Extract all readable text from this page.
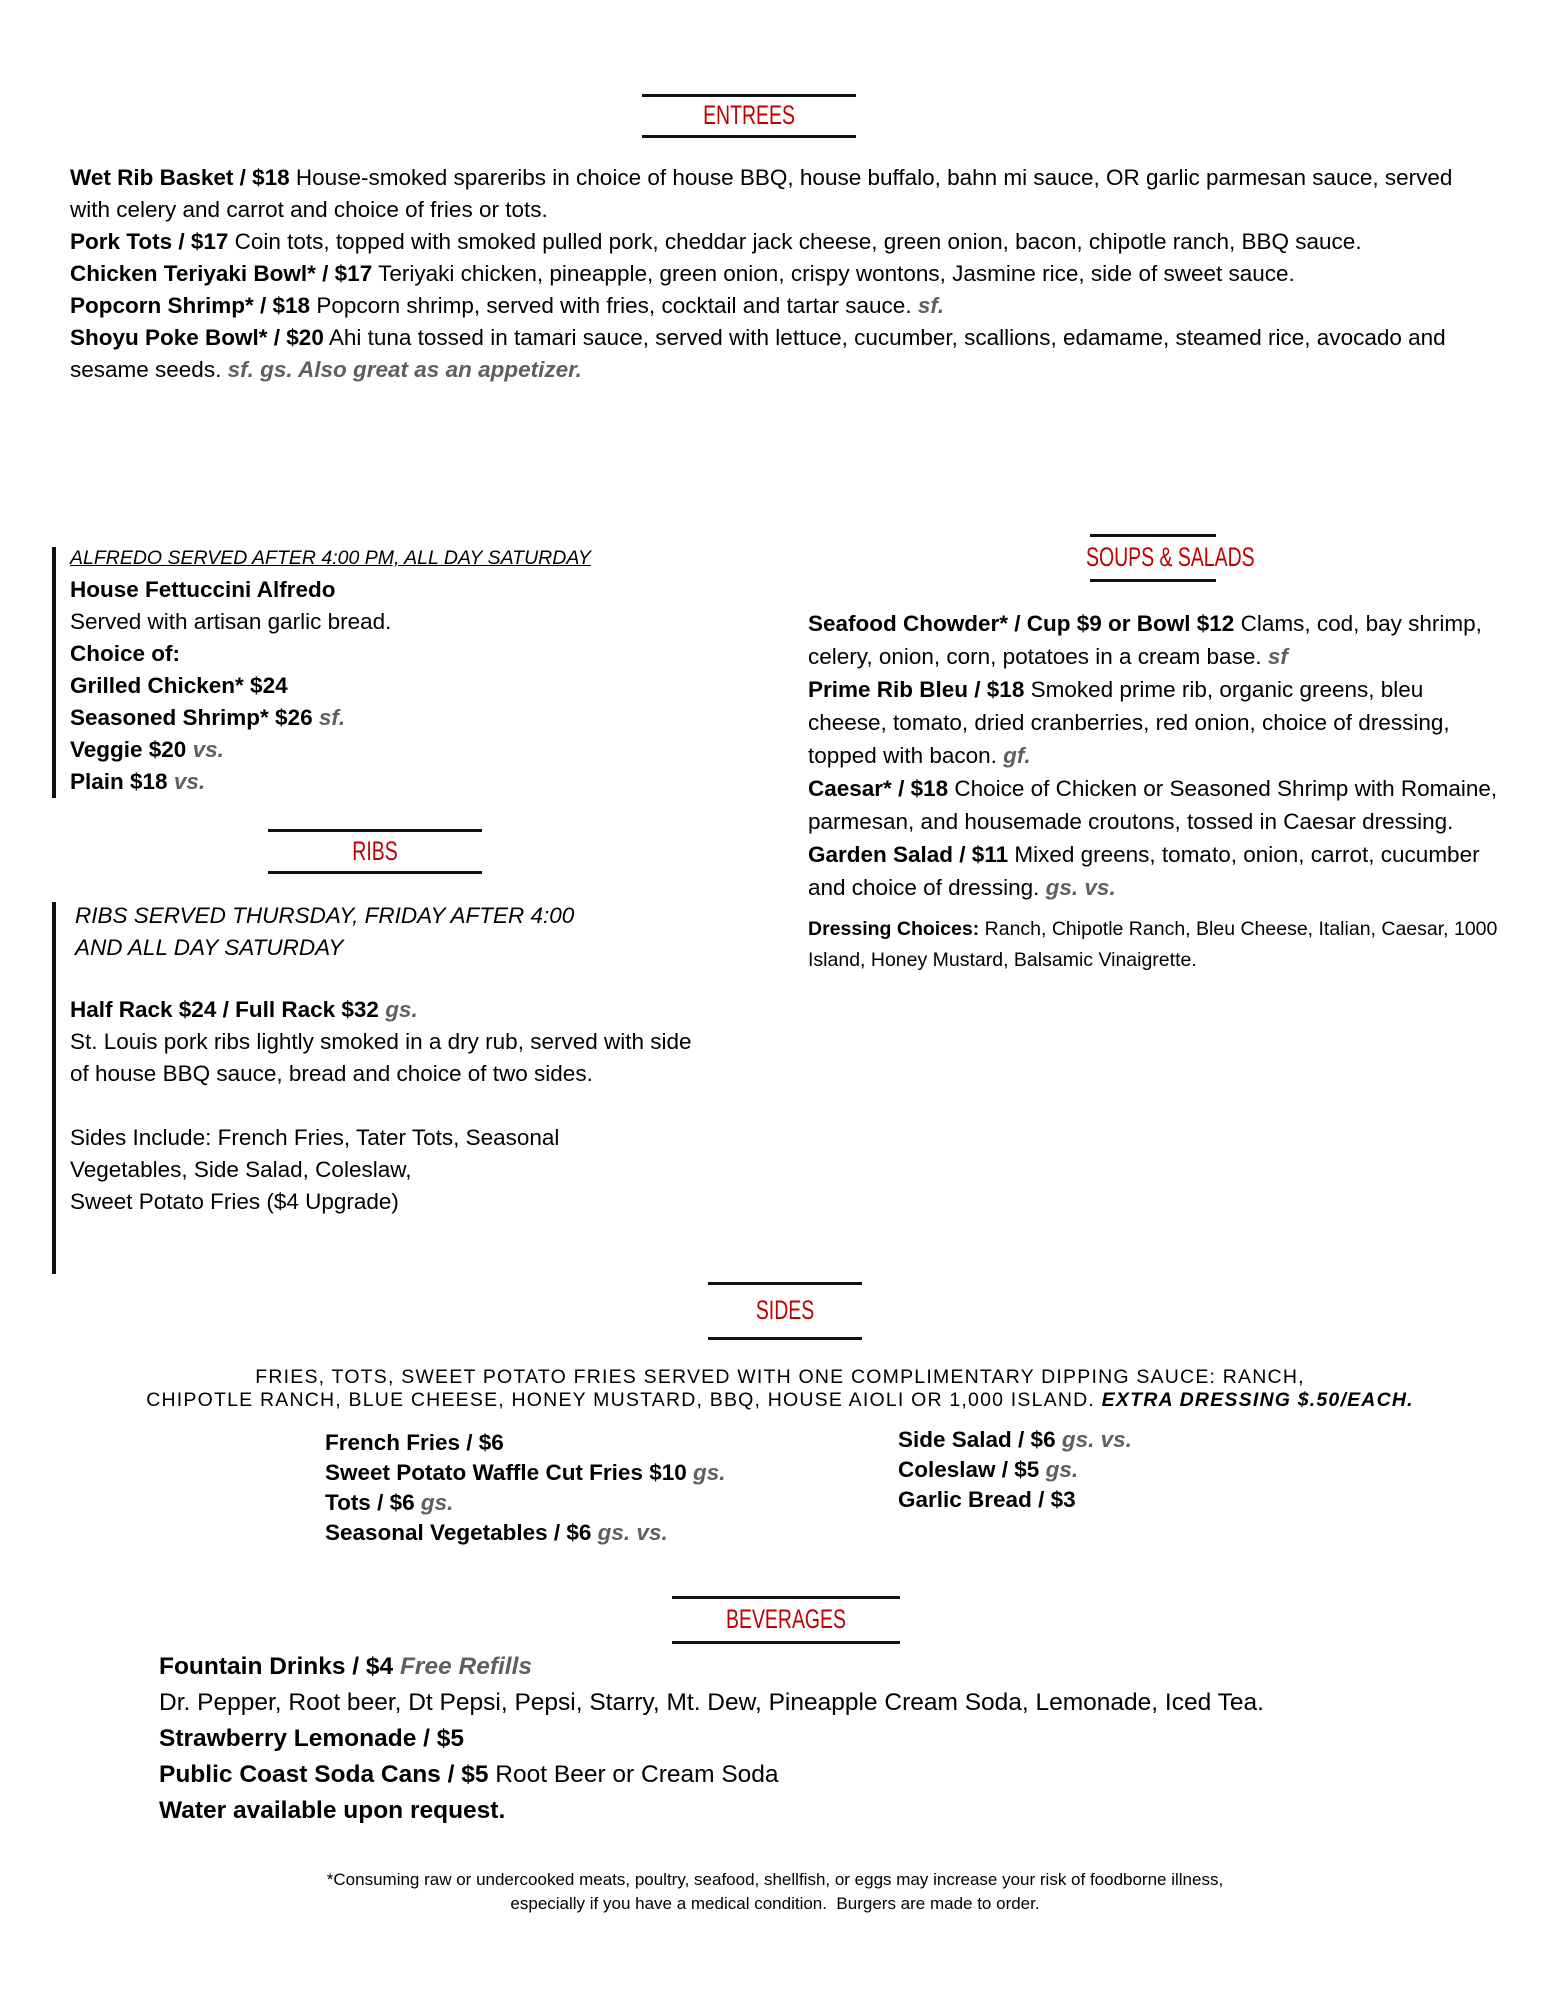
ENTREES
Wet Rib Basket / $18 House-smoked spareribs in choice of house BBQ, house buffalo, bahn mi sauce, OR garlic parmesan sauce, served with celery and carrot and choice of fries or tots.
Pork Tots / $17 Coin tots, topped with smoked pulled pork, cheddar jack cheese, green onion, bacon, chipotle ranch, BBQ sauce.
Chicken Teriyaki Bowl* / $17 Teriyaki chicken, pineapple, green onion, crispy wontons, Jasmine rice, side of sweet sauce.
Popcorn Shrimp* / $18 Popcorn shrimp, served with fries, cocktail and tartar sauce. sf.
Shoyu Poke Bowl* / $20 Ahi tuna tossed in tamari sauce, served with lettuce, cucumber, scallions, edamame, steamed rice, avocado and sesame seeds. sf. gs. Also great as an appetizer.
ALFREDO SERVED AFTER 4:00 PM, ALL DAY SATURDAY
House Fettuccini Alfredo
Served with artisan garlic bread.
Choice of:
Grilled Chicken* $24
Seasoned Shrimp* $26 sf.
Veggie $20 vs.
Plain $18 vs.
RIBS
RIBS SERVED THURSDAY, FRIDAY AFTER 4:00
AND ALL DAY SATURDAY
Half Rack $24 / Full Rack $32 gs.
St. Louis pork ribs lightly smoked in a dry rub, served with side of house BBQ sauce, bread and choice of two sides.
Sides Include: French Fries, Tater Tots, Seasonal
Vegetables, Side Salad, Coleslaw,
Sweet Potato Fries ($4 Upgrade)
SOUPS & SALADS
Seafood Chowder* / Cup $9 or Bowl $12 Clams, cod, bay shrimp, celery, onion, corn, potatoes in a cream base. sf
Prime Rib Bleu / $18 Smoked prime rib, organic greens, bleu cheese, tomato, dried cranberries, red onion, choice of dressing, topped with bacon. gf.
Caesar* / $18 Choice of Chicken or Seasoned Shrimp with Romaine, parmesan, and housemade croutons, tossed in Caesar dressing.
Garden Salad / $11 Mixed greens, tomato, onion, carrot, cucumber and choice of dressing. gs. vs.
Dressing Choices: Ranch, Chipotle Ranch, Bleu Cheese, Italian, Caesar, 1000 Island, Honey Mustard, Balsamic Vinaigrette.
SIDES
FRIES, TOTS, SWEET POTATO FRIES SERVED WITH ONE COMPLIMENTARY DIPPING SAUCE: RANCH,
CHIPOTLE RANCH, BLUE CHEESE, HONEY MUSTARD, BBQ, HOUSE AIOLI OR 1,000 ISLAND. EXTRA DRESSING $.50/EACH.
French Fries / $6
Sweet Potato Waffle Cut Fries $10 gs.
Tots / $6 gs.
Seasonal Vegetables / $6 gs. vs.
Side Salad / $6 gs. vs.
Coleslaw / $5 gs.
Garlic Bread / $3
BEVERAGES
Fountain Drinks / $4 Free Refills
Dr. Pepper, Root beer, Dt Pepsi, Pepsi, Starry, Mt. Dew, Pineapple Cream Soda, Lemonade, Iced Tea.
Strawberry Lemonade / $5
Public Coast Soda Cans / $5 Root Beer or Cream Soda
Water available upon request.
*Consuming raw or undercooked meats, poultry, seafood, shellfish, or eggs may increase your risk of foodborne illness,
especially if you have a medical condition.  Burgers are made to order.
